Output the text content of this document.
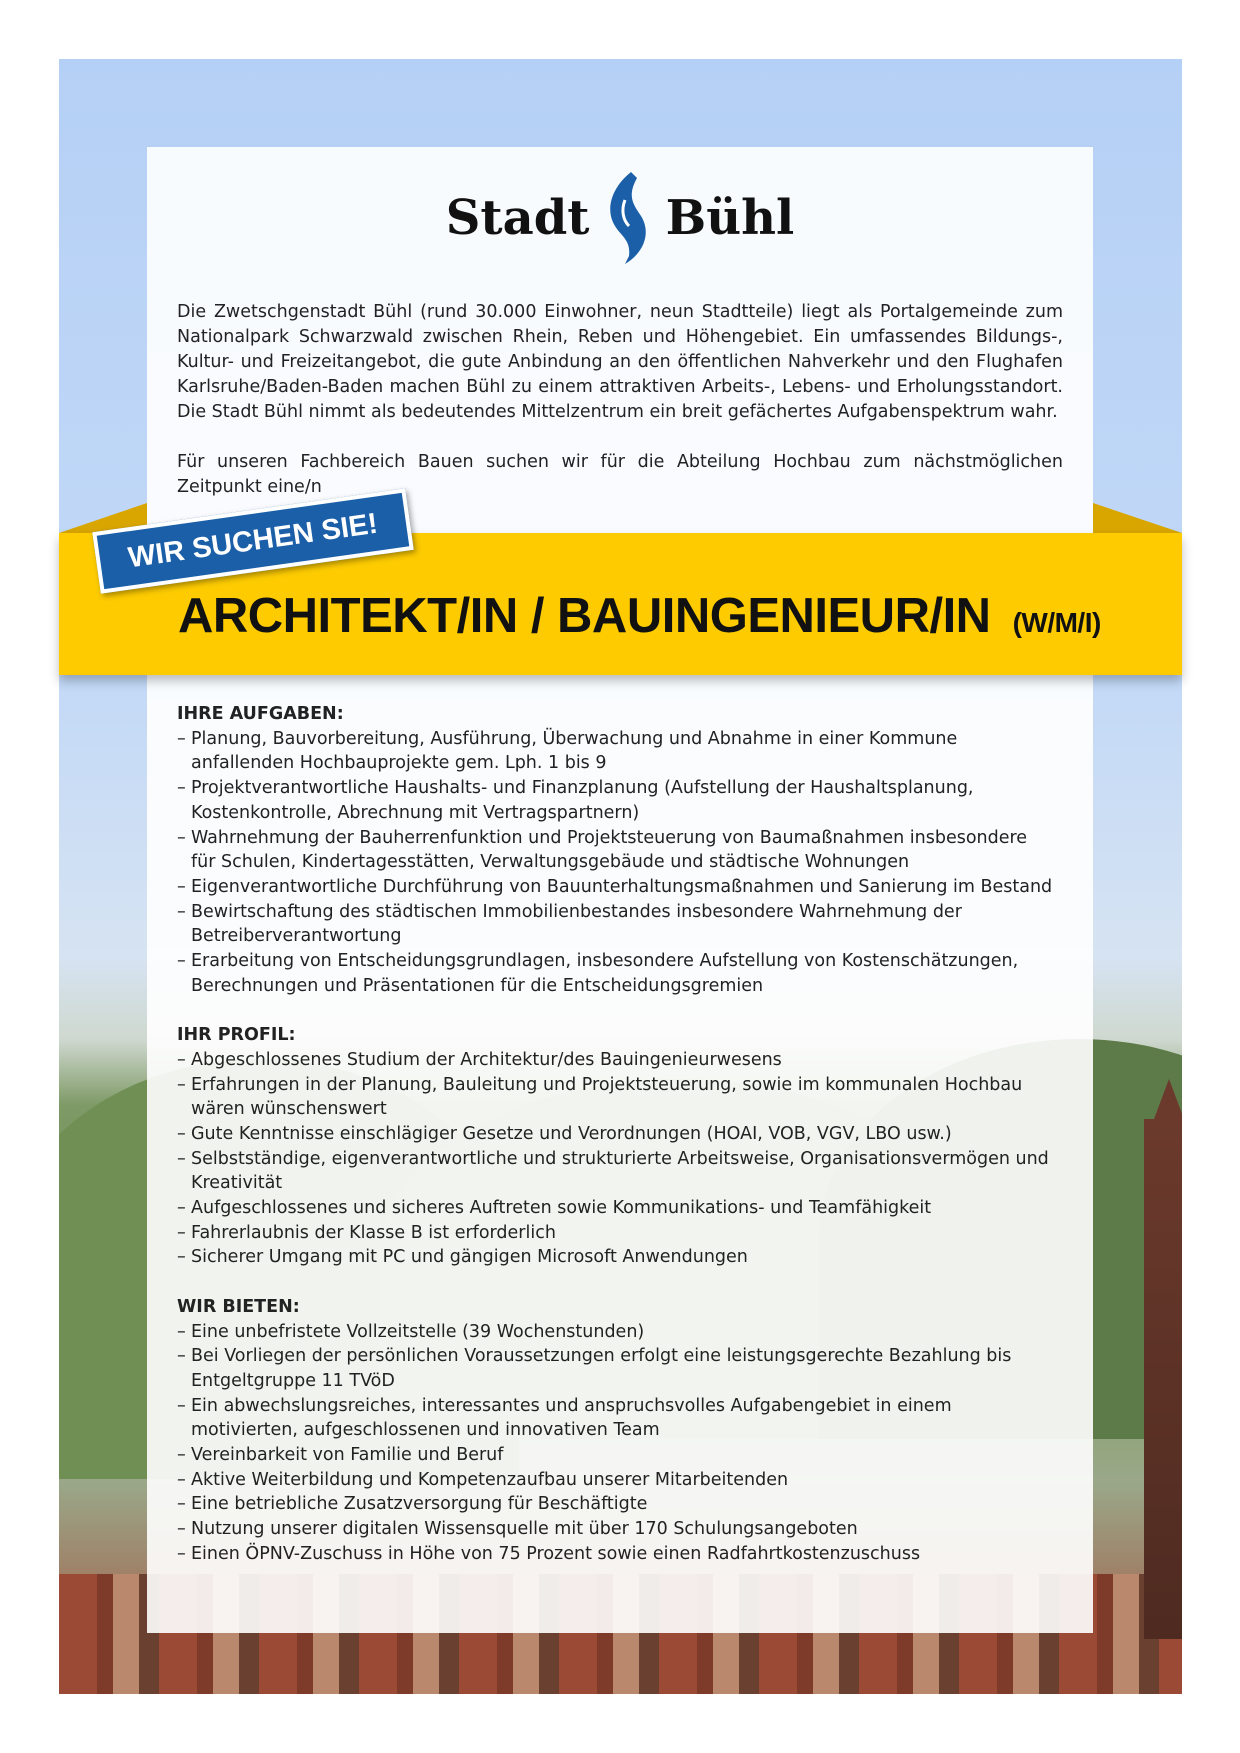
Stadt Bühl

Die Zwetschgenstadt Bühl (rund 30.000 Einwohner, neun Stadtteile) liegt als Portalgemeinde zum Nationalpark Schwarzwald zwischen Rhein, Reben und Höhengebiet. Ein umfassendes Bildungs-, Kultur- und Freizeitangebot, die gute Anbindung an den öffentlichen Nahverkehr und den Flughafen Karlsruhe/Baden-Baden machen Bühl zu einem attraktiven Arbeits-, Lebens- und Erholungsstandort. Die Stadt Bühl nimmt als bedeutendes Mittelzentrum ein breit gefächertes Aufgabenspektrum wahr.

Für unseren Fachbereich Bauen suchen wir für die Abteilung Hochbau zum nächstmöglichen Zeitpunkt eine/n

ARCHITEKT/IN / BAUINGENIEUR/IN (W/M/I)
WIR SUCHEN SIE!
IHRE AUFGABEN:
– Planung, Bauvorbereitung, Ausführung, Überwachung und Abnahme in einer Kommune anfallenden Hochbauprojekte gem. Lph. 1 bis 9
– Projektverantwortliche Haushalts- und Finanzplanung (Aufstellung der Haushaltsplanung, Kostenkontrolle, Abrechnung mit Vertragspartnern)
– Wahrnehmung der Bauherrenfunktion und Projektsteuerung von Baumaßnahmen insbesondere für Schulen, Kindertagesstätten, Verwaltungsgebäude und städtische Wohnungen
– Eigenverantwortliche Durchführung von Bauunterhaltungsmaßnahmen und Sanierung im Bestand
– Bewirtschaftung des städtischen Immobilienbestandes insbesondere Wahrnehmung der Betreiberverantwortung
– Erarbeitung von Entscheidungsgrundlagen, insbesondere Aufstellung von Kostenschätzungen, Berechnungen und Präsentationen für die Entscheidungsgremien
IHR PROFIL:
– Abgeschlossenes Studium der Architektur/des Bauingenieurwesens
– Erfahrungen in der Planung, Bauleitung und Projektsteuerung, sowie im kommunalen Hochbau wären wünschenswert
– Gute Kenntnisse einschlägiger Gesetze und Verordnungen (HOAI, VOB, VGV, LBO usw.)
– Selbstständige, eigenverantwortliche und strukturierte Arbeitsweise, Organisationsvermögen und Kreativität
– Aufgeschlossenes und sicheres Auftreten sowie Kommunikations- und Teamfähigkeit
– Fahrerlaubnis der Klasse B ist erforderlich
– Sicherer Umgang mit PC und gängigen Microsoft Anwendungen
WIR BIETEN:
– Eine unbefristete Vollzeitstelle (39 Wochenstunden)
– Bei Vorliegen der persönlichen Voraussetzungen erfolgt eine leistungsgerechte Bezahlung bis Entgeltgruppe 11 TVöD
– Ein abwechslungsreiches, interessantes und anspruchsvolles Aufgabengebiet in einem motivierten, aufgeschlossenen und innovativen Team
– Vereinbarkeit von Familie und Beruf
– Aktive Weiterbildung und Kompetenzaufbau unserer Mitarbeitenden
– Eine betriebliche Zusatzversorgung für Beschäftigte
– Nutzung unserer digitalen Wissensquelle mit über 170 Schulungsangeboten
– Einen ÖPNV-Zuschuss in Höhe von 75 Prozent sowie einen Radfahrtkostenzuschuss
